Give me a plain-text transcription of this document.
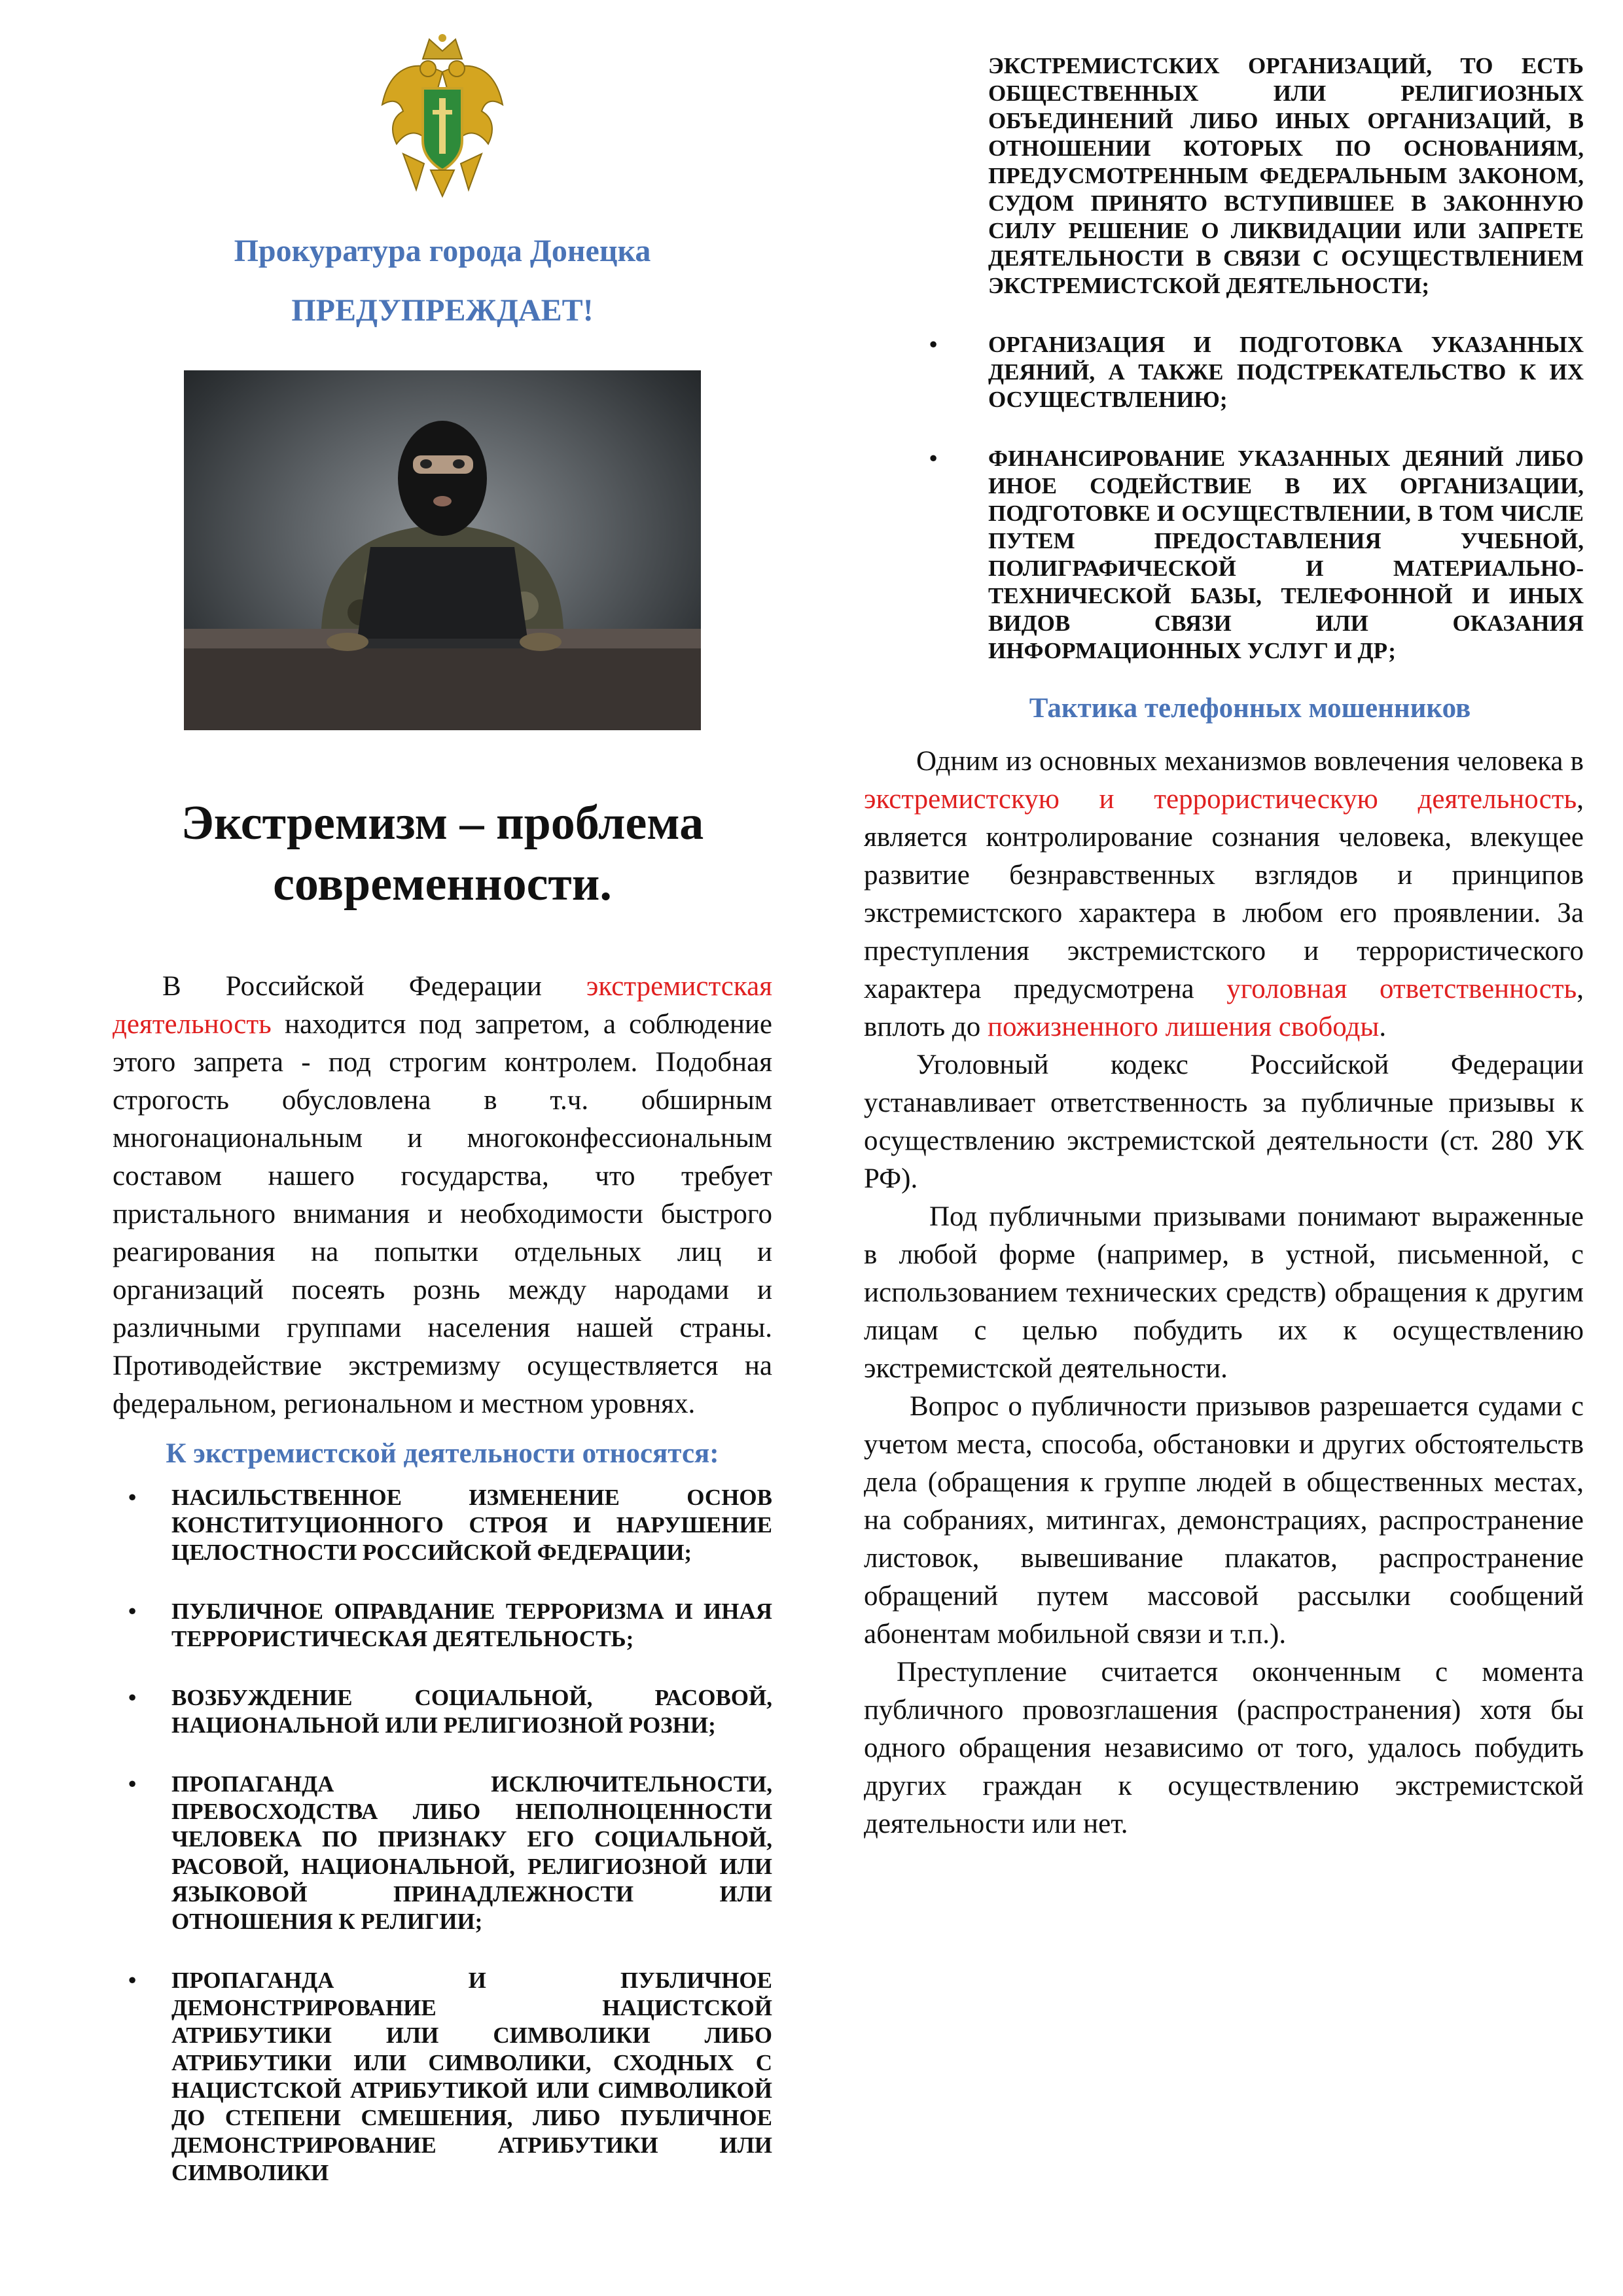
Прокуратура города Донецка
ПРЕДУПРЕЖДАЕТ!
Экстремизм – проблема современности.

В Российской Федерации экстремистская деятельность находится под запретом, а соблюдение этого запрета - под строгим контролем. Подобная строгость обусловлена в т.ч. обширным многонациональным и многоконфессиональным составом нашего государства, что требует пристального внимания и необходимости быстрого реагирования на попытки отдельных лиц и организаций посеять рознь между народами и различными группами населения нашей страны. Противодействие экстремизму осуществляется на федеральном, региональном и местном уровнях.

К экстремистской деятельности относятся:
• НАСИЛЬСТВЕННОЕ ИЗМЕНЕНИЕ ОСНОВ КОНСТИТУЦИОННОГО СТРОЯ И НАРУШЕНИЕ ЦЕЛОСТНОСТИ РОССИЙСКОЙ ФЕДЕРАЦИИ;
• ПУБЛИЧНОЕ ОПРАВДАНИЕ ТЕРРОРИЗМА И ИНАЯ ТЕРРОРИСТИЧЕСКАЯ ДЕЯТЕЛЬНОСТЬ;
• ВОЗБУЖДЕНИЕ СОЦИАЛЬНОЙ, РАСОВОЙ, НАЦИОНАЛЬНОЙ ИЛИ РЕЛИГИОЗНОЙ РОЗНИ;
• ПРОПАГАНДА ИСКЛЮЧИТЕЛЬНОСТИ, ПРЕВОСХОДСТВА ЛИБО НЕПОЛНОЦЕННОСТИ ЧЕЛОВЕКА ПО ПРИЗНАКУ ЕГО СОЦИАЛЬНОЙ, РАСОВОЙ, НАЦИОНАЛЬНОЙ, РЕЛИГИОЗНОЙ ИЛИ ЯЗЫКОВОЙ ПРИНАДЛЕЖНОСТИ ИЛИ ОТНОШЕНИЯ К РЕЛИГИИ;
• ПРОПАГАНДА И ПУБЛИЧНОЕ ДЕМОНСТРИРОВАНИЕ НАЦИСТСКОЙ АТРИБУТИКИ ИЛИ СИМВОЛИКИ ЛИБО АТРИБУТИКИ ИЛИ СИМВОЛИКИ, СХОДНЫХ С НАЦИСТСКОЙ АТРИБУТИКОЙ ИЛИ СИМВОЛИКОЙ ДО СТЕПЕНИ СМЕШЕНИЯ, ЛИБО ПУБЛИЧНОЕ ДЕМОНСТРИРОВАНИЕ АТРИБУТИКИ ИЛИ СИМВОЛИКИ
ЭКСТРЕМИСТСКИХ ОРГАНИЗАЦИЙ, ТО ЕСТЬ ОБЩЕСТВЕННЫХ ИЛИ РЕЛИГИОЗНЫХ ОБЪЕДИНЕНИЙ ЛИБО ИНЫХ ОРГАНИЗАЦИЙ, В ОТНОШЕНИИ КОТОРЫХ ПО ОСНОВАНИЯМ, ПРЕДУСМОТРЕННЫМ ФЕДЕРАЛЬНЫМ ЗАКОНОМ, СУДОМ ПРИНЯТО ВСТУПИВШЕЕ В ЗАКОННУЮ СИЛУ РЕШЕНИЕ О ЛИКВИДАЦИИ ИЛИ ЗАПРЕТЕ ДЕЯТЕЛЬНОСТИ В СВЯЗИ С ОСУЩЕСТВЛЕНИЕМ ЭКСТРЕМИСТСКОЙ ДЕЯТЕЛЬНОСТИ;
• ОРГАНИЗАЦИЯ И ПОДГОТОВКА УКАЗАННЫХ ДЕЯНИЙ, А ТАКЖЕ ПОДСТРЕКАТЕЛЬСТВО К ИХ ОСУЩЕСТВЛЕНИЮ;
• ФИНАНСИРОВАНИЕ УКАЗАННЫХ ДЕЯНИЙ ЛИБО ИНОЕ СОДЕЙСТВИЕ В ИХ ОРГАНИЗАЦИИ, ПОДГОТОВКЕ И ОСУЩЕСТВЛЕНИИ, В ТОМ ЧИСЛЕ ПУТЕМ ПРЕДОСТАВЛЕНИЯ УЧЕБНОЙ, ПОЛИГРАФИЧЕСКОЙ И МАТЕРИАЛЬНО-ТЕХНИЧЕСКОЙ БАЗЫ, ТЕЛЕФОННОЙ И ИНЫХ ВИДОВ СВЯЗИ ИЛИ ОКАЗАНИЯ ИНФОРМАЦИОННЫХ УСЛУГ И ДР;
Тактика телефонных мошенников

Одним из основных механизмов вовлечения человека в экстремистскую и террористическую деятельность, является контролирование сознания человека, влекущее развитие безнравственных взглядов и принципов экстремистского характера в любом его проявлении. За преступления экстремистского и террористического характера предусмотрена уголовная ответственность, вплоть до пожизненного лишения свободы.

Уголовный кодекс Российской Федерации устанавливает ответственность за публичные призывы к осуществлению экстремистской деятельности (ст. 280 УК РФ).

Под публичными призывами понимают выраженные в любой форме (например, в устной, письменной, с использованием технических средств) обращения к другим лицам с целью побудить их к осуществлению экстремистской деятельности.

Вопрос о публичности призывов разрешается судами с учетом места, способа, обстановки и других обстоятельств дела (обращения к группе людей в общественных местах, на собраниях, митингах, демонстрациях, распространение листовок, вывешивание плакатов, распространение обращений путем массовой рассылки сообщений абонентам мобильной связи и т.п.).

Преступление считается оконченным с момента публичного провозглашения (распространения) хотя бы одного обращения независимо от того, удалось побудить других граждан к осуществлению экстремистской деятельности или нет.
